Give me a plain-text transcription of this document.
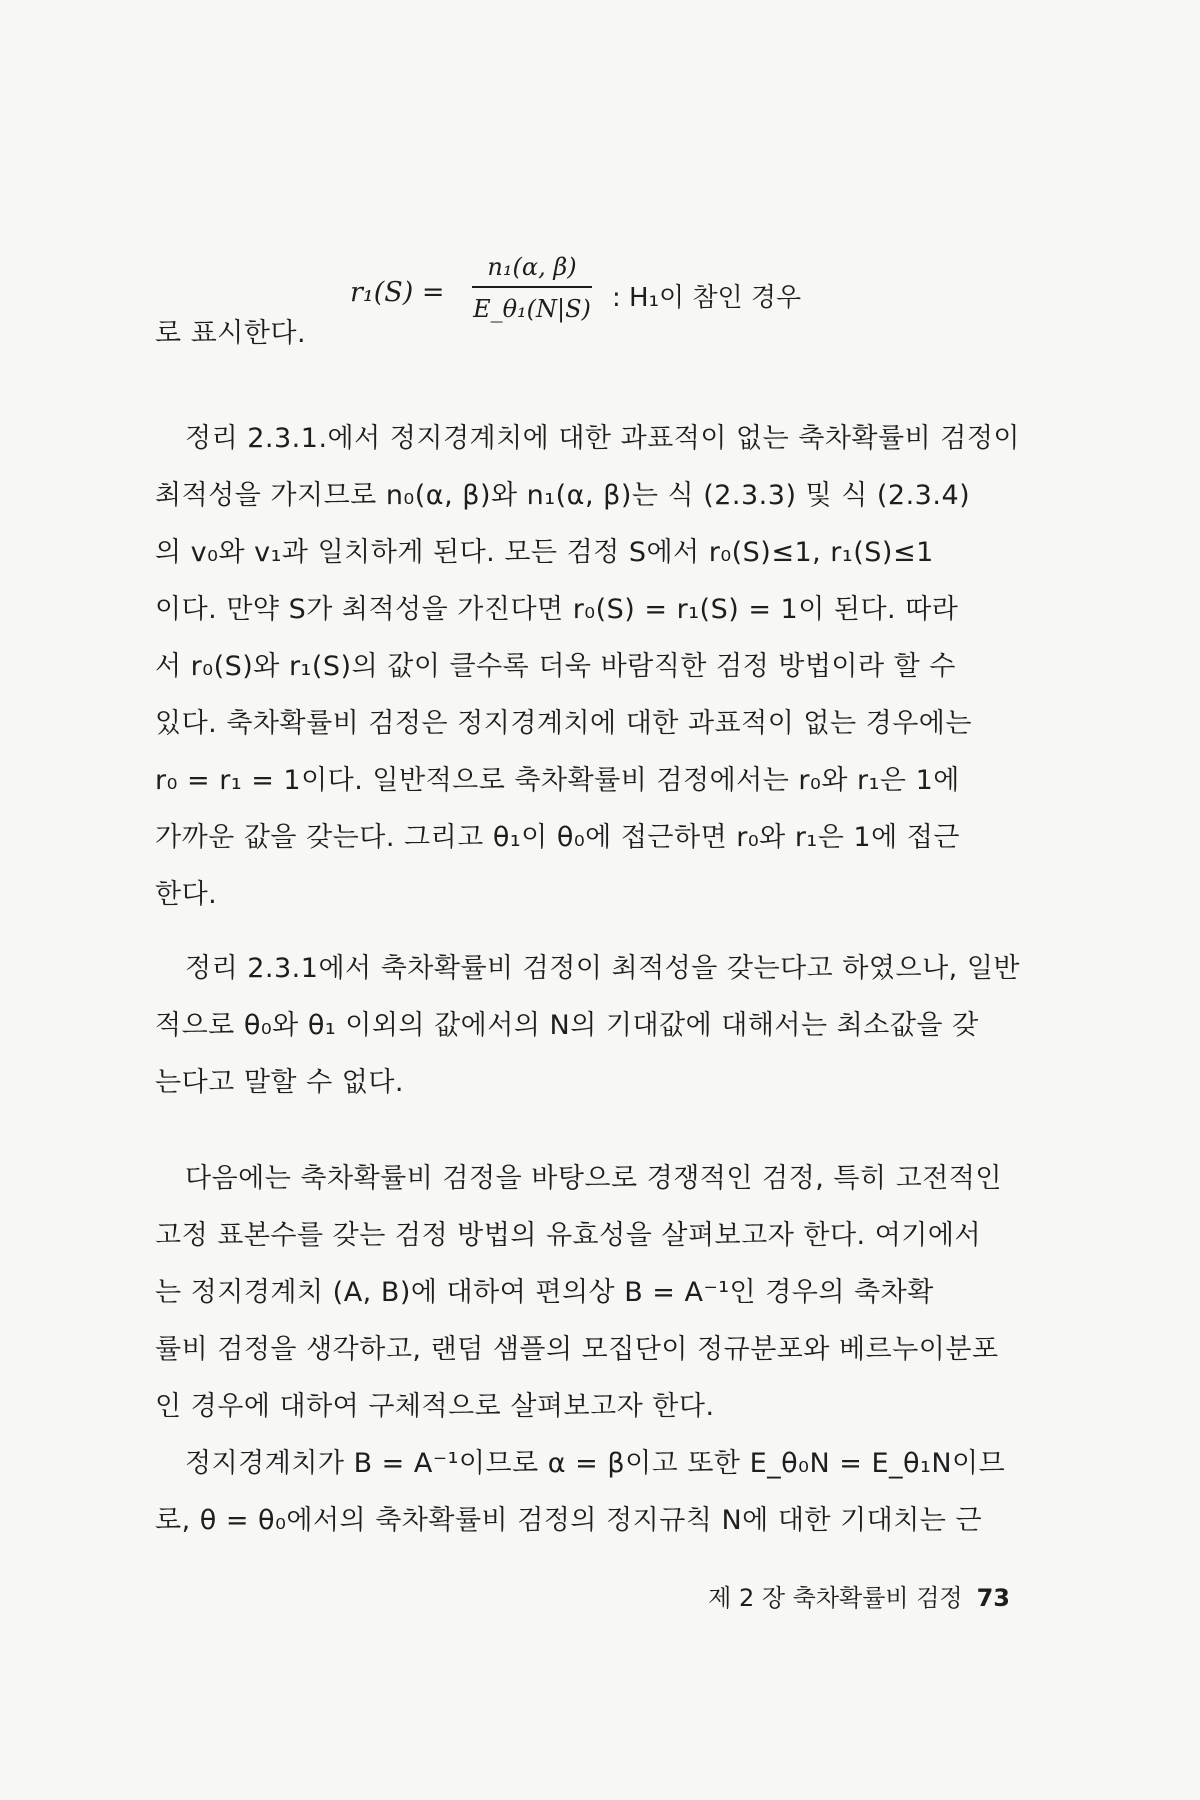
r₁(S) =
n₁(α, β)
E_θ₁(N|S) : H₁이 참인 경우
로 표시한다.
정리 2.3.1.에서 정지경계치에 대한 과표적이 없는 축차확률비 검정이
최적성을 가지므로 n₀(α, β)와 n₁(α, β)는 식 (2.3.3) 및 식 (2.3.4)
의 v₀와 v₁과 일치하게 된다. 모든 검정 S에서 r₀(S)≤1, r₁(S)≤1
이다. 만약 S가 최적성을 가진다면 r₀(S) = r₁(S) = 1이 된다. 따라
서 r₀(S)와 r₁(S)의 값이 클수록 더욱 바람직한 검정 방법이라 할 수
있다. 축차확률비 검정은 정지경계치에 대한 과표적이 없는 경우에는
r₀ = r₁ = 1이다. 일반적으로 축차확률비 검정에서는 r₀와 r₁은 1에
가까운 값을 갖는다. 그리고 θ₁이 θ₀에 접근하면 r₀와 r₁은 1에 접근
한다.
정리 2.3.1에서 축차확률비 검정이 최적성을 갖는다고 하였으나, 일반
적으로 θ₀와 θ₁ 이외의 값에서의 N의 기대값에 대해서는 최소값을 갖
는다고 말할 수 없다.
다음에는 축차확률비 검정을 바탕으로 경쟁적인 검정, 특히 고전적인
고정 표본수를 갖는 검정 방법의 유효성을 살펴보고자 한다. 여기에서
는 정지경계치 (A, B)에 대하여 편의상 B = A⁻¹인 경우의 축차확
률비 검정을 생각하고, 랜덤 샘플의 모집단이 정규분포와 베르누이분포
인 경우에 대하여 구체적으로 살펴보고자 한다.
정지경계치가 B = A⁻¹이므로 α = β이고 또한 E_θ₀N = E_θ₁N이므
로, θ = θ₀에서의 축차확률비 검정의 정지규칙 N에 대한 기대치는 근
제 2 장 축차확률비 검정 73
